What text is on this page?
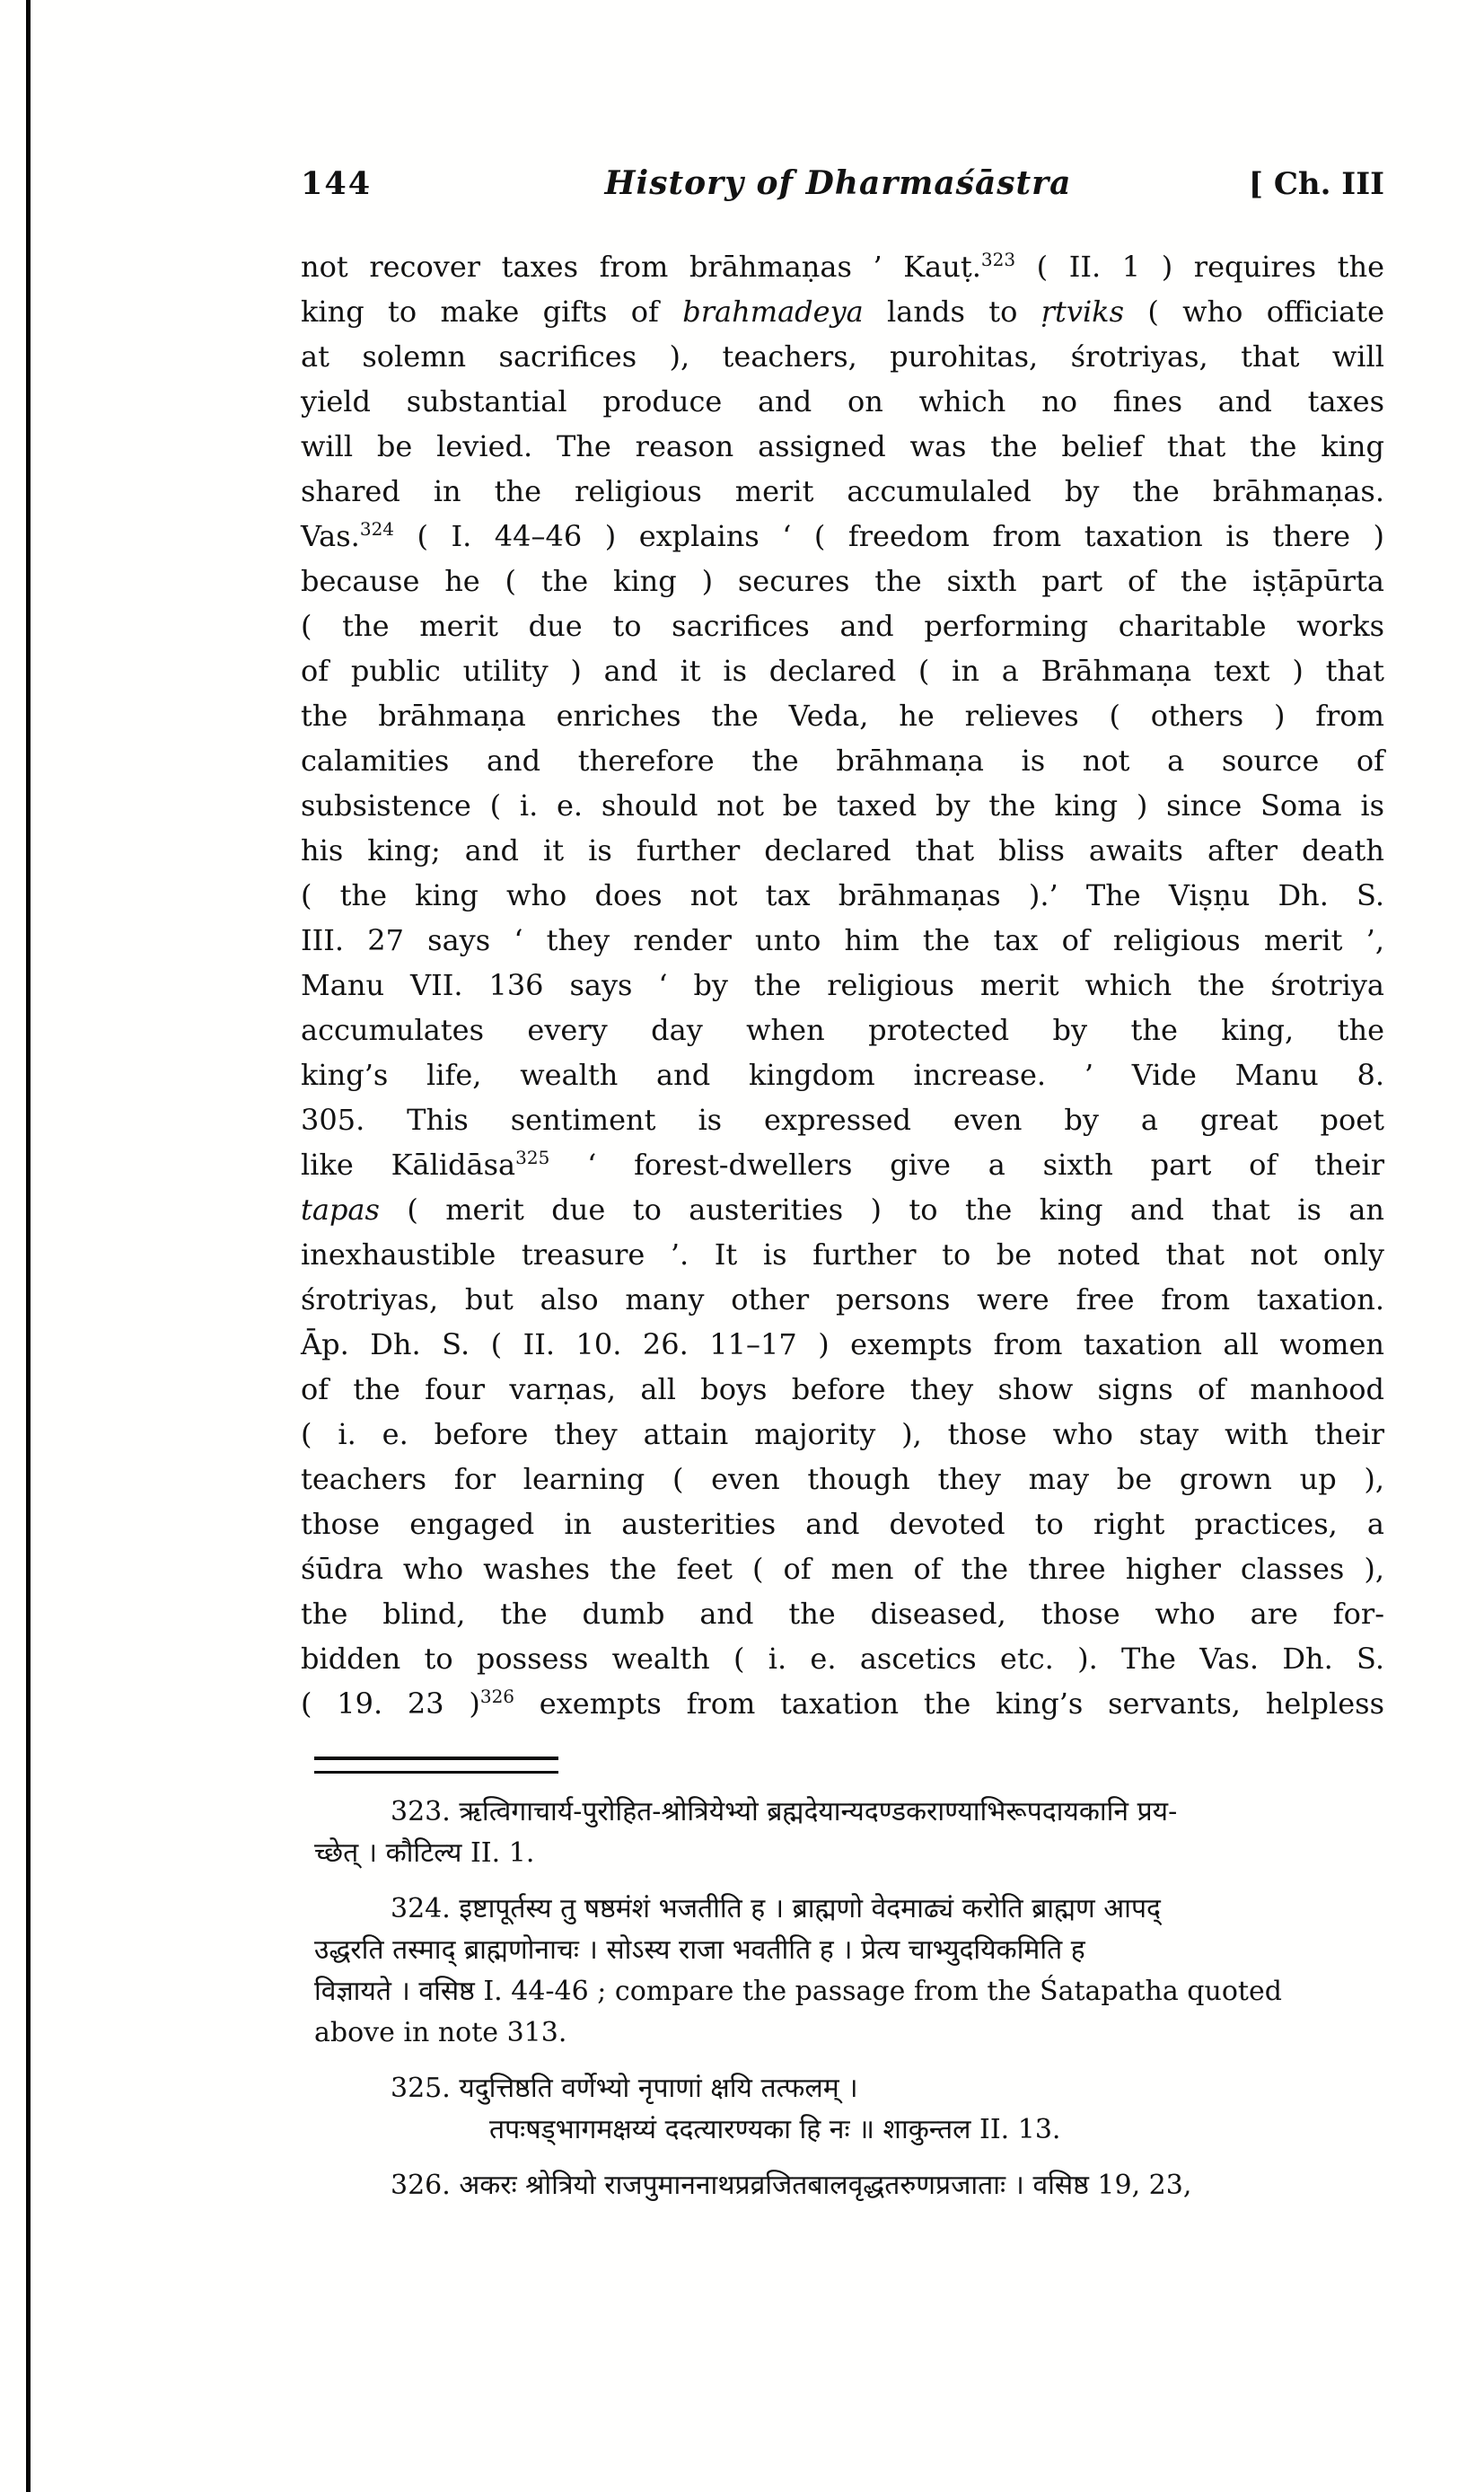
144	History of Dharmaśāstra	[ Ch. III
not recover taxes from brāhmaṇas ’ Kauṭ.$^{323}$ ( II. 1 ) requires the
king to make gifts of brahmadeya lands to ṛtviks ( who officiate
at solemn sacrifices ), teachers, purohitas, śrotriyas, that will
yield substantial produce and on which no fines and taxes
will be levied. The reason assigned was the belief that the king
shared in the religious merit accumulaled by the brāhmaṇas.
Vas.$^{324}$ ( I. 44–46 ) explains ‘ ( freedom from taxation is there )
because he ( the king ) secures the sixth part of the iṣṭāpūrta
( the merit due to sacrifices and performing charitable works
of public utility ) and it is declared ( in a Brāhmaṇa text ) that
the brāhmaṇa enriches the Veda, he relieves ( others ) from
calamities and therefore the brāhmaṇa is not a source of
subsistence ( i. e. should not be taxed by the king ) since Soma is
his king; and it is further declared that bliss awaits after death
( the king who does not tax brāhmaṇas ).’ The Viṣṇu Dh. S.
III. 27 says ‘ they render unto him the tax of religious merit ’,
Manu VII. 136 says ‘ by the religious merit which the śrotriya
accumulates every day when protected by the king, the
king’s life, wealth and kingdom increase. ’ Vide Manu 8.
305. This sentiment is expressed even by a great poet
like Kālidāsa$^{325}$ ‘ forest-dwellers give a sixth part of their
tapas ( merit due to austerities ) to the king and that is an
inexhaustible treasure ’. It is further to be noted that not only
śrotriyas, but also many other persons were free from taxation.
Āp. Dh. S. ( II. 10. 26. 11–17 ) exempts from taxation all women
of the four varṇas, all boys before they show signs of manhood
( i. e. before they attain majority ), those who stay with their
teachers for learning ( even though they may be grown up ),
those engaged in austerities and devoted to right practices, a
śūdra who washes the feet ( of men of the three higher classes ),
the blind, the dumb and the diseased, those who are for-
bidden to possess wealth ( i. e. ascetics etc. ). The Vas. Dh. S.
( 19. 23 )$^{326}$ exempts from taxation the king’s servants, helpless
323. ऋत्विगाचार्य-पुरोहित-श्रोत्रियेभ्यो ब्रह्मदेयान्यदण्डकराण्याभिरूपदायकानि प्रय-
च्छेत् । कौटिल्य II. 1.
324. इष्टापूर्तस्य तु षष्ठमंशं भजतीति ह । ब्राह्मणो वेदमाढ्यं करोति ब्राह्मण आपद्
उद्धरति तस्माद् ब्राह्मणोनाचः । सोऽस्य राजा भवतीति ह । प्रेत्य चाभ्युदयिकमिति ह
विज्ञायते । वसिष्ठ I. 44-46 ; compare the passage from the Śatapatha quoted
above in note 313.
325. यदुत्तिष्ठति वर्णेभ्यो नृपाणां क्षयि तत्फलम् ।
तपःषड्भागमक्षय्यं ददत्यारण्यका हि नः ॥ शाकुन्तल II. 13.
326. अकरः श्रोत्रियो राजपुमाननाथप्रव्रजितबालवृद्धतरुणप्रजाताः । वसिष्ठ 19, 23,
